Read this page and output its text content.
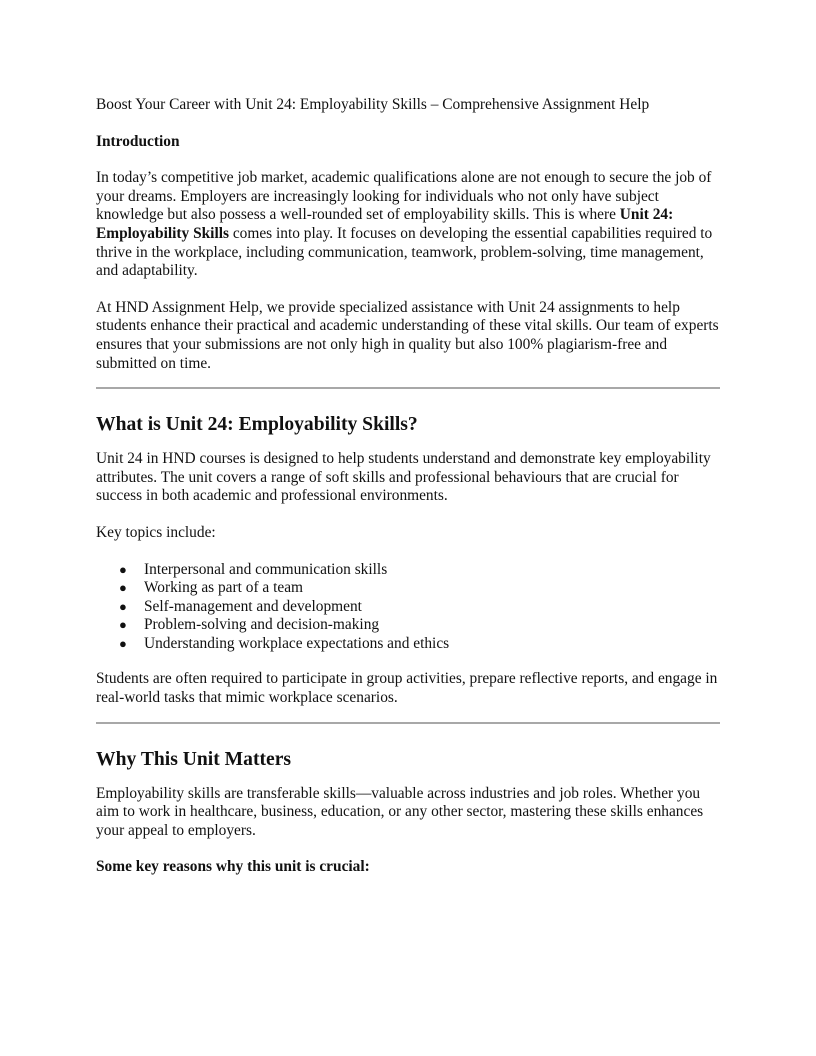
Boost Your Career with Unit 24: Employability Skills – Comprehensive Assignment Help

Introduction

In today’s competitive job market, academic qualifications alone are not enough to secure the job of your dreams. Employers are increasingly looking for individuals who not only have subject knowledge but also possess a well-rounded set of employability skills. This is where Unit 24: Employability Skills comes into play. It focuses on developing the essential capabilities required to thrive in the workplace, including communication, teamwork, problem-solving, time management, and adaptability.

At HND Assignment Help, we provide specialized assistance with Unit 24 assignments to help students enhance their practical and academic understanding of these vital skills. Our team of experts ensures that your submissions are not only high in quality but also 100% plagiarism-free and submitted on time.

What is Unit 24: Employability Skills?

Unit 24 in HND courses is designed to help students understand and demonstrate key employability attributes. The unit covers a range of soft skills and professional behaviours that are crucial for success in both academic and professional environments.

Key topics include:

● Interpersonal and communication skills
● Working as part of a team
● Self-management and development
● Problem-solving and decision-making
● Understanding workplace expectations and ethics

Students are often required to participate in group activities, prepare reflective reports, and engage in real-world tasks that mimic workplace scenarios.

Why This Unit Matters

Employability skills are transferable skills—valuable across industries and job roles. Whether you aim to work in healthcare, business, education, or any other sector, mastering these skills enhances your appeal to employers.

Some key reasons why this unit is crucial:
